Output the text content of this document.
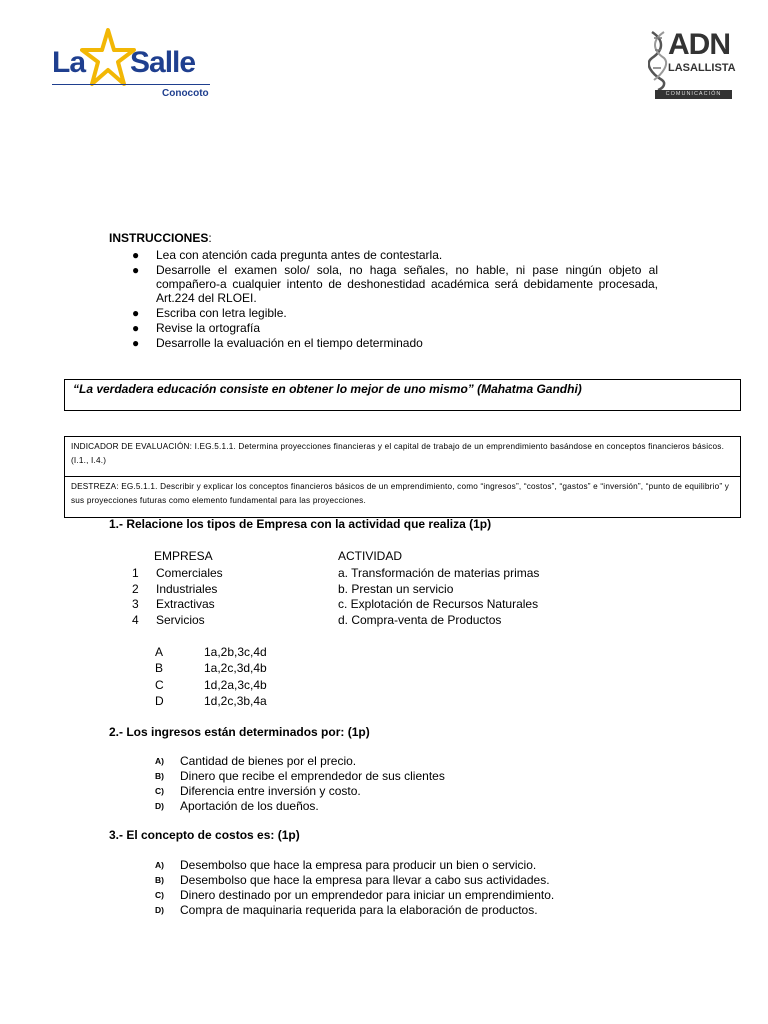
La Salle
Conocoto
ADN
LASALLISTA
COMUNICACIÓN
INSTRUCCIONES:
● Lea con atención cada pregunta antes de contestarla.
● Desarrolle el examen solo/ sola, no haga señales, no hable, ni pase ningún objeto al compañero-a cualquier intento de deshonestidad académica será debidamente procesada, Art.224 del RLOEI.
● Escriba con letra legible.
● Revise la ortografía
● Desarrolle la evaluación en el tiempo determinado
“La verdadera educación consiste en obtener lo mejor de uno mismo” (Mahatma Gandhi)
INDICADOR DE EVALUACIÓN: I.EG.5.1.1. Determina proyecciones financieras y el capital de trabajo de un emprendimiento basándose en conceptos financieros básicos. (I.1., I.4.)
DESTREZA: EG.5.1.1. Describir y explicar los conceptos financieros básicos de un emprendimiento, como “ingresos”, “costos”, “gastos” e “inversión”, “punto de equilibrio” y sus proyecciones futuras como elemento fundamental para las proyecciones.
1.- Relacione los tipos de Empresa con la actividad que realiza (1p)
EMPRESA	ACTIVIDAD
1 Comerciales	a. Transformación de materias primas
2 Industriales	b. Prestan un servicio
3 Extractivas	c. Explotación de Recursos Naturales
4 Servicios	d. Compra-venta de Productos
A	1a,2b,3c,4d
B	1a,2c,3d,4b
C	1d,2a,3c,4b
D	1d,2c,3b,4a
2.- Los ingresos están determinados por: (1p)
A) Cantidad de bienes por el precio.
B) Dinero que recibe el emprendedor de sus clientes
C) Diferencia entre inversión y costo.
D) Aportación de los dueños.
3.- El concepto de costos es: (1p)
A) Desembolso que hace la empresa para producir un bien o servicio.
B) Desembolso que hace la empresa para llevar a cabo sus actividades.
C) Dinero destinado por un emprendedor para iniciar un emprendimiento.
D) Compra de maquinaria requerida para la elaboración de productos.
